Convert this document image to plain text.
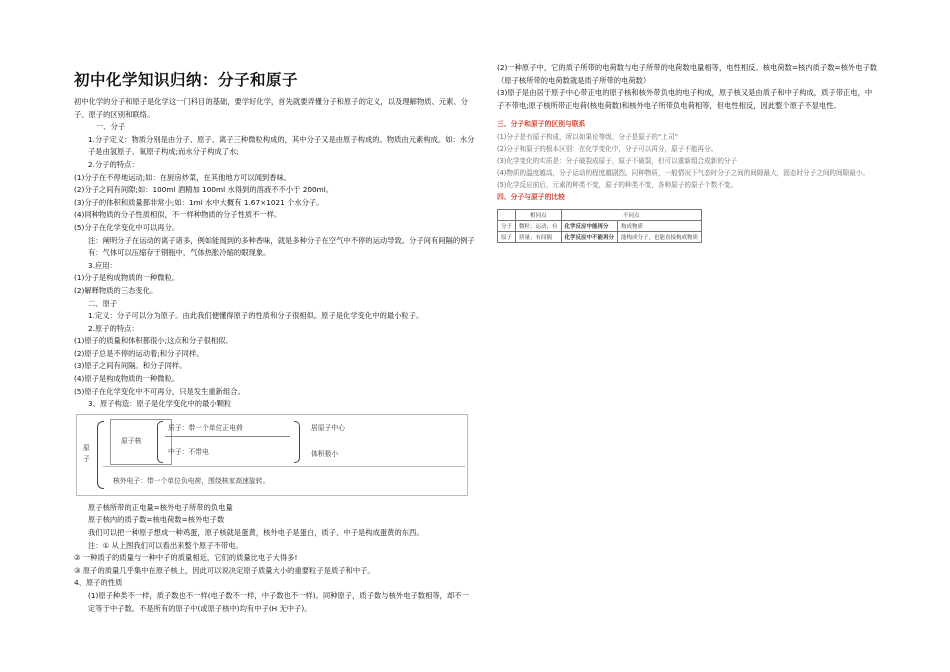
初中化学知识归纳：分子和原子

初中化学的分子和原子是化学这一门科目的基础，要学好化学，首先就要弄懂分子和原子的定义，以及理解物质、元素、分子、原子的区别和联络。

一、分子

1.分子定义：物质分别是由分子、原子、离子三种微粒构成的，其中分子又是由原子构成的。物质由元素构成。如：水分子是由氢原子、氧原子构成;而水分子构成了水;

2.分子的特点：

(1)分子在不停地运动;如：在厨房炒菜，在其他地方可以闻到香味。

(2)分子之间有间隙;如：100ml 酒精加 100ml 水得到的溶液不不小于 200ml。

(3)分子的体积和质量都非常小;如：1ml 水中大概有 1.67×1021 个水分子。

(4)同种物质的分子性质相似，不一样种物质的分子性质不一样。

(5)分子在化学变化中可以再分。

注：阐明分子在运动的离子诸多，例如能闻到的多种香味，就是多种分子在空气中不停的运动导致。分子间有间隔的例子有：气体可以压缩存于钢瓶中，气体热胀冷缩的眼现象。

3.应用：

(1)分子是构成物质的一种微粒。

(2)解释物质的三态变化。

二、原子

1.定义：分子可以分为原子。由此我们便懂得原子的性质和分子很相似。原子是化学变化中的最小粒子。

2.原子的特点：

(1)原子的质量和体积都很小;这点和分子很相似。

(2)原子总是不停的运动着;和分子同样。

(3)原子之间有间隔。和分子同样。

(4)原子是构成物质的一种微粒。

(5)原子在化学变化中不可再分，只是发生重新组合。

3、原子构造：原子是化学变化中的最小颗粒

原子
原子核
质子：带一个单位正电荷
中子：不带电
居原子中心
体积极小
核外电子：带一个单位负电荷，围绕核家高速旋转。

原子核所带的正电量=核外电子所带的负电量

原子核内的质子数=核电荷数=核外电子数

我们可以把一种原子想成一种鸡蛋，原子核就是蛋黄，核外电子是蛋白，质子、中子是构成蛋黄的东西。

注：① 从上图我们可以看出来整个原子不带电。

② 一种质子的质量与一种中子的质量相近，它们的质量比电子大得多!

③ 原子的质量几乎集中在原子核上，因此可以说决定原子质量大小的重要粒子是质子和中子。

4、原子的性质

(1)原子种类不一样，质子数也不一样(电子数不一样，中子数也不一样)。同种原子，质子数与核外电子数相等，却不一定等于中子数。不是所有的原子中(或原子核中)均有中子(H 无中子)。

(2)一种原子中，它的质子所带的电荷数与电子所带的电荷数电量相等，电性相反。核电荷数=核内质子数=核外电子数（原子核所带的电荷数就是质子所带的电荷数）

(3)原子是由居于原子中心带正电的原子核和核外带负电的电子构成，原子核又是由质子和中子构成，质子带正电，中子不带电;原子核所带正电荷(核电荷数)和核外电子所带负电荷相等，但电性相反，因此整个原子不显电性。

三、分子和原子的区别与联系

(1)分子是有原子构成，所以如果论等级，分子是原子的“上司”

(2)分子和原子的根本区别：在化学变化中，分子可以再分，原子不能再分。

(3)化学变化的实质是：分子破裂成原子，原子不破裂，但可以重新组合成新的分子

(4)物质的温度越高，分子运动的程度越剧烈。同种物质，一般情况下气态时分子之间的间隙最大，固态时分子之间的间隙最小。

(5)化学反应前后，元素的种类不变，原子的种类不变，各种原子的原子个数不变。

四、分子与原子的比较

	相同点	不同点	
分子	微粒；运动；有	化学反应中能再分	构成物质
原子	质量；有间隔	化学反应中不能再分	能构成分子，也能直接构成物质
